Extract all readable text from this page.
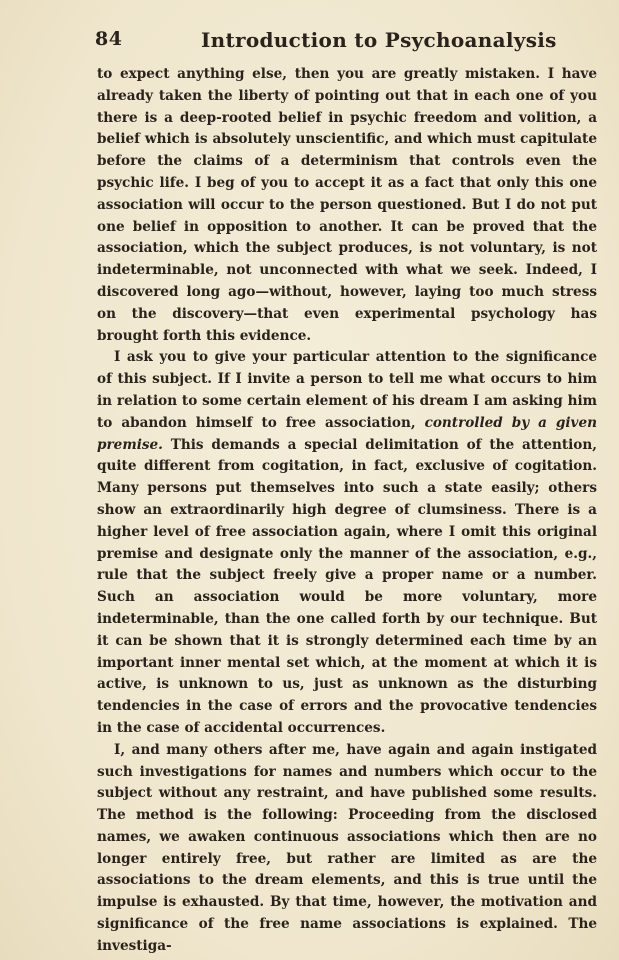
84	Introduction to Psychoanalysis

to expect anything else, then you are greatly mistaken. I have already taken the liberty of pointing out that in each one of you there is a deep-rooted belief in psychic freedom and volition, a belief which is absolutely unscientific, and which must capitulate before the claims of a determinism that controls even the psychic life. I beg of you to accept it as a fact that only this one association will occur to the person questioned. But I do not put one belief in opposition to another. It can be proved that the association, which the subject produces, is not voluntary, is not indeterminable, not unconnected with what we seek. Indeed, I discovered long ago—without, however, laying too much stress on the discovery—that even experimental psychology has brought forth this evidence.

I ask you to give your particular attention to the significance of this subject. If I invite a person to tell me what occurs to him in relation to some certain element of his dream I am asking him to abandon himself to free association, controlled by a given premise. This demands a special delimitation of the attention, quite different from cogitation, in fact, exclusive of cogitation. Many persons put themselves into such a state easily; others show an extraordinarily high degree of clumsiness. There is a higher level of free association again, where I omit this original premise and designate only the manner of the association, e.g., rule that the subject freely give a proper name or a number. Such an association would be more voluntary, more indeterminable, than the one called forth by our technique. But it can be shown that it is strongly determined each time by an important inner mental set which, at the moment at which it is active, is unknown to us, just as unknown as the disturbing tendencies in the case of errors and the provocative tendencies in the case of accidental occurrences.

I, and many others after me, have again and again instigated such investigations for names and numbers which occur to the subject without any restraint, and have published some results. The method is the following: Proceeding from the disclosed names, we awaken continuous associations which then are no longer entirely free, but rather are limited as are the associations to the dream elements, and this is true until the impulse is exhausted. By that time, however, the motivation and significance of the free name associations is explained. The investiga-
